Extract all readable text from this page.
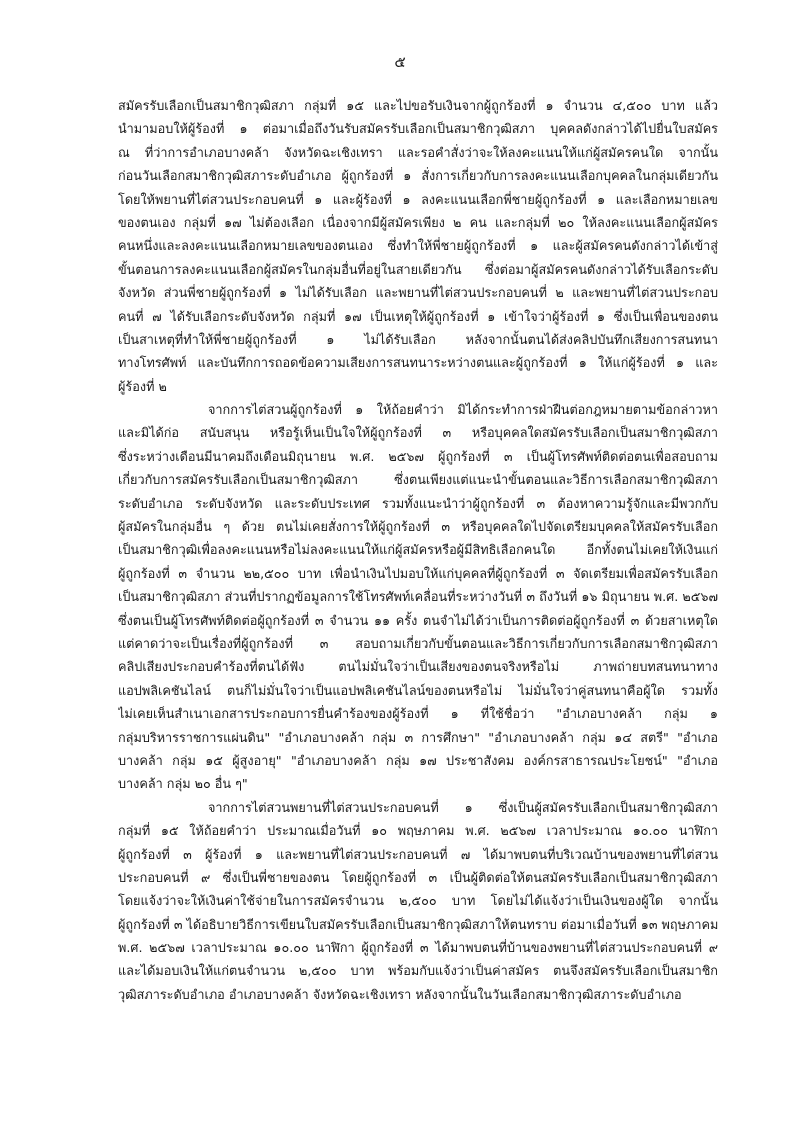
๕
สมัครรับเลือกเป็นสมาชิกวุฒิสภา กลุ่มที่ ๑๕ และไปขอรับเงินจากผู้ถูกร้องที่ ๑ จำนวน ๔,๕๐๐ บาท แล้ว
นำมามอบให้ผู้ร้องที่ ๑ ต่อมาเมื่อถึงวันรับสมัครรับเลือกเป็นสมาชิกวุฒิสภา บุคคลดังกล่าวได้ไปยื่นใบสมัคร
ณ ที่ว่าการอำเภอบางคล้า จังหวัดฉะเชิงเทรา และรอคำสั่งว่าจะให้ลงคะแนนให้แก่ผู้สมัครคนใด จากนั้น
ก่อนวันเลือกสมาชิกวุฒิสภาระดับอำเภอ ผู้ถูกร้องที่ ๑ สั่งการเกี่ยวกับการลงคะแนนเลือกบุคคลในกลุ่มเดียวกัน
โดยให้พยานที่ไต่สวนประกอบคนที่ ๑ และผู้ร้องที่ ๑ ลงคะแนนเลือกพี่ชายผู้ถูกร้องที่ ๑ และเลือกหมายเลข
ของตนเอง กลุ่มที่ ๑๗ ไม่ต้องเลือก เนื่องจากมีผู้สมัครเพียง ๒ คน และกลุ่มที่ ๒๐ ให้ลงคะแนนเลือกผู้สมัคร
คนหนึ่งและลงคะแนนเลือกหมายเลขของตนเอง ซึ่งทำให้พี่ชายผู้ถูกร้องที่ ๑ และผู้สมัครคนดังกล่าวได้เข้าสู่
ขั้นตอนการลงคะแนนเลือกผู้สมัครในกลุ่มอื่นที่อยู่ในสายเดียวกัน ซึ่งต่อมาผู้สมัครคนดังกล่าวได้รับเลือกระดับ
จังหวัด ส่วนพี่ชายผู้ถูกร้องที่ ๑ ไม่ได้รับเลือก และพยานที่ไต่สวนประกอบคนที่ ๒ และพยานที่ไต่สวนประกอบ
คนที่ ๗ ได้รับเลือกระดับจังหวัด กลุ่มที่ ๑๗ เป็นเหตุให้ผู้ถูกร้องที่ ๑ เข้าใจว่าผู้ร้องที่ ๑ ซึ่งเป็นเพื่อนของตน
เป็นสาเหตุที่ทำให้พี่ชายผู้ถูกร้องที่ ๑ ไม่ได้รับเลือก หลังจากนั้นตนได้ส่งคลิปบันทึกเสียงการสนทนา
ทางโทรศัพท์ และบันทึกการถอดข้อความเสียงการสนทนาระหว่างตนและผู้ถูกร้องที่ ๑ ให้แก่ผู้ร้องที่ ๑ และ
ผู้ร้องที่ ๒
จากการไต่สวนผู้ถูกร้องที่ ๑ ให้ถ้อยคำว่า มิได้กระทำการฝ่าฝืนต่อกฎหมายตามข้อกล่าวหา
และมิได้ก่อ สนับสนุน หรือรู้เห็นเป็นใจให้ผู้ถูกร้องที่ ๓ หรือบุคคลใดสมัครรับเลือกเป็นสมาชิกวุฒิสภา
ซึ่งระหว่างเดือนมีนาคมถึงเดือนมิถุนายน พ.ศ. ๒๕๖๗ ผู้ถูกร้องที่ ๓ เป็นผู้โทรศัพท์ติดต่อตนเพื่อสอบถาม
เกี่ยวกับการสมัครรับเลือกเป็นสมาชิกวุฒิสภา ซึ่งตนเพียงแต่แนะนำขั้นตอนและวิธีการเลือกสมาชิกวุฒิสภา
ระดับอำเภอ ระดับจังหวัด และระดับประเทศ รวมทั้งแนะนำว่าผู้ถูกร้องที่ ๓ ต้องหาความรู้จักและมีพวกกับ
ผู้สมัครในกลุ่มอื่น ๆ ด้วย ตนไม่เคยสั่งการให้ผู้ถูกร้องที่ ๓ หรือบุคคลใดไปจัดเตรียมบุคคลให้สมัครรับเลือก
เป็นสมาชิกวุฒิเพื่อลงคะแนนหรือไม่ลงคะแนนให้แก่ผู้สมัครหรือผู้มีสิทธิเลือกคนใด อีกทั้งตนไม่เคยให้เงินแก่
ผู้ถูกร้องที่ ๓ จำนวน ๒๒,๕๐๐ บาท เพื่อนำเงินไปมอบให้แก่บุคคลที่ผู้ถูกร้องที่ ๓ จัดเตรียมเพื่อสมัครรับเลือก
เป็นสมาชิกวุฒิสภา ส่วนที่ปรากฏข้อมูลการใช้โทรศัพท์เคลื่อนที่ระหว่างวันที่ ๓ ถึงวันที่ ๑๖ มิถุนายน พ.ศ. ๒๕๖๗
ซึ่งตนเป็นผู้โทรศัพท์ติดต่อผู้ถูกร้องที่ ๓ จำนวน ๑๑ ครั้ง ตนจำไม่ได้ว่าเป็นการติดต่อผู้ถูกร้องที่ ๓ ด้วยสาเหตุใด
แต่คาดว่าจะเป็นเรื่องที่ผู้ถูกร้องที่ ๓ สอบถามเกี่ยวกับขั้นตอนและวิธีการเกี่ยวกับการเลือกสมาชิกวุฒิสภา
คลิปเสียงประกอบคำร้องที่ตนได้ฟัง ตนไม่มั่นใจว่าเป็นเสียงของตนจริงหรือไม่ ภาพถ่ายบทสนทนาทาง
แอปพลิเคชันไลน์ ตนก็ไม่มั่นใจว่าเป็นแอปพลิเคชันไลน์ของตนหรือไม่ ไม่มั่นใจว่าคู่สนทนาคือผู้ใด รวมทั้ง
ไม่เคยเห็นสำเนาเอกสารประกอบการยื่นคำร้องของผู้ร้องที่ ๑ ที่ใช้ชื่อว่า "อำเภอบางคล้า กลุ่ม ๑
กลุ่มบริหารราชการแผ่นดิน" "อำเภอบางคล้า กลุ่ม ๓ การศึกษา" "อำเภอบางคล้า กลุ่ม ๑๔ สตรี" "อำเภอ
บางคล้า กลุ่ม ๑๕ ผู้สูงอายุ" "อำเภอบางคล้า กลุ่ม ๑๗ ประชาสังคม องค์กรสาธารณประโยชน์" "อำเภอ
บางคล้า กลุ่ม ๒๐ อื่น ๆ"
จากการไต่สวนพยานที่ไต่สวนประกอบคนที่ ๑ ซึ่งเป็นผู้สมัครรับเลือกเป็นสมาชิกวุฒิสภา
กลุ่มที่ ๑๕ ให้ถ้อยคำว่า ประมาณเมื่อวันที่ ๑๐ พฤษภาคม พ.ศ. ๒๕๖๗ เวลาประมาณ ๑๐.๐๐ นาฬิกา
ผู้ถูกร้องที่ ๓ ผู้ร้องที่ ๑ และพยานที่ไต่สวนประกอบคนที่ ๗ ได้มาพบตนที่บริเวณบ้านของพยานที่ไต่สวน
ประกอบคนที่ ๙ ซึ่งเป็นพี่ชายของตน โดยผู้ถูกร้องที่ ๓ เป็นผู้ติดต่อให้ตนสมัครรับเลือกเป็นสมาชิกวุฒิสภา
โดยแจ้งว่าจะให้เงินค่าใช้จ่ายในการสมัครจำนวน ๒,๕๐๐ บาท โดยไม่ได้แจ้งว่าเป็นเงินของผู้ใด จากนั้น
ผู้ถูกร้องที่ ๓ ได้อธิบายวิธีการเขียนใบสมัครรับเลือกเป็นสมาชิกวุฒิสภาให้ตนทราบ ต่อมาเมื่อวันที่ ๑๓ พฤษภาคม
พ.ศ. ๒๕๖๗ เวลาประมาณ ๑๐.๐๐ นาฬิกา ผู้ถูกร้องที่ ๓ ได้มาพบตนที่บ้านของพยานที่ไต่สวนประกอบคนที่ ๙
และได้มอบเงินให้แก่ตนจำนวน ๒,๕๐๐ บาท พร้อมกับแจ้งว่าเป็นค่าสมัคร ตนจึงสมัครรับเลือกเป็นสมาชิก
วุฒิสภาระดับอำเภอ อำเภอบางคล้า จังหวัดฉะเชิงเทรา หลังจากนั้นในวันเลือกสมาชิกวุฒิสภาระดับอำเภอ
